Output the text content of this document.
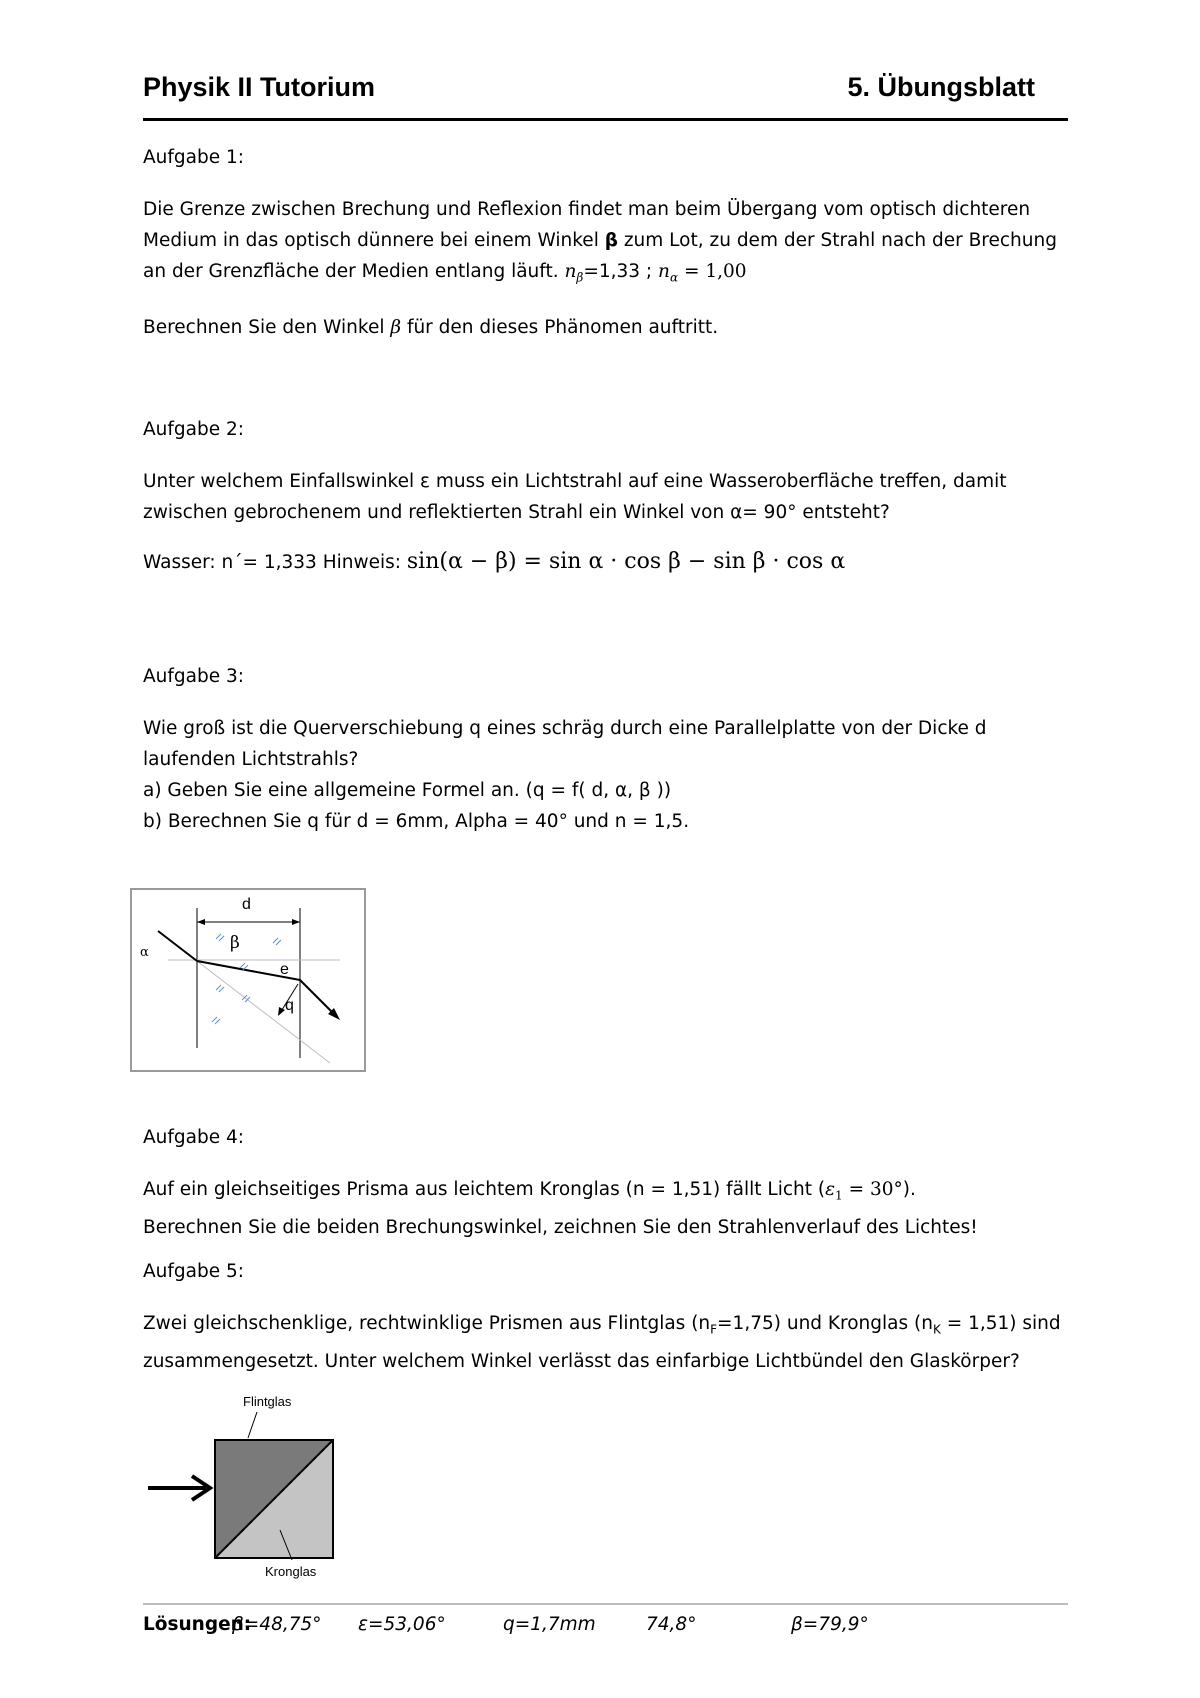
Physik II Tutorium	5. Übungsblatt

Aufgabe 1:

Die Grenze zwischen Brechung und Reflexion findet man beim Übergang vom optisch dichteren Medium in das optisch dünnere bei einem Winkel β zum Lot, zu dem der Strahl nach der Brechung an der Grenzfläche der Medien entlang läuft. $n_\beta=1,33$ ; $n_\alpha = 1,00$

Berechnen Sie den Winkel β für den dieses Phänomen auftritt.

Aufgabe 2:

Unter welchem Einfallswinkel ε muss ein Lichtstrahl auf eine Wasseroberfläche treffen, damit zwischen gebrochenem und reflektierten Strahl ein Winkel von α= 90° entsteht?

Wasser: n´= 1,333 Hinweis: sin(α − β) = sin α · cos β − sin β · cos α

Aufgabe 3:

Wie groß ist die Querverschiebung q eines schräg durch eine Parallelplatte von der Dicke d laufenden Lichtstrahls?

a) Geben Sie eine allgemeine Formel an. (q = f( d, α, β ))

b) Berechnen Sie q für d = 6mm, Alpha = 40° und n = 1,5.

d
β
α
e
q

Aufgabe 4:

Auf ein gleichseitiges Prisma aus leichtem Kronglas (n = 1,51) fällt Licht $(\varepsilon_1 = 30^\circ)$.

Berechnen Sie die beiden Brechungswinkel, zeichnen Sie den Strahlenverlauf des Lichtes!

Aufgabe 5:

Zwei gleichschenklige, rechtwinklige Prismen aus Flintglas $(n_F=1,75)$ und Kronglas $(n_K = 1,51)$ sind zusammengesetzt. Unter welchem Winkel verlässt das einfarbige Lichtbündel den Glaskörper?

Flintglas
Kronglas
Lösungen:
β=48,75° ε=53,06°	q=1,7mm	74,8°	β=79,9°
